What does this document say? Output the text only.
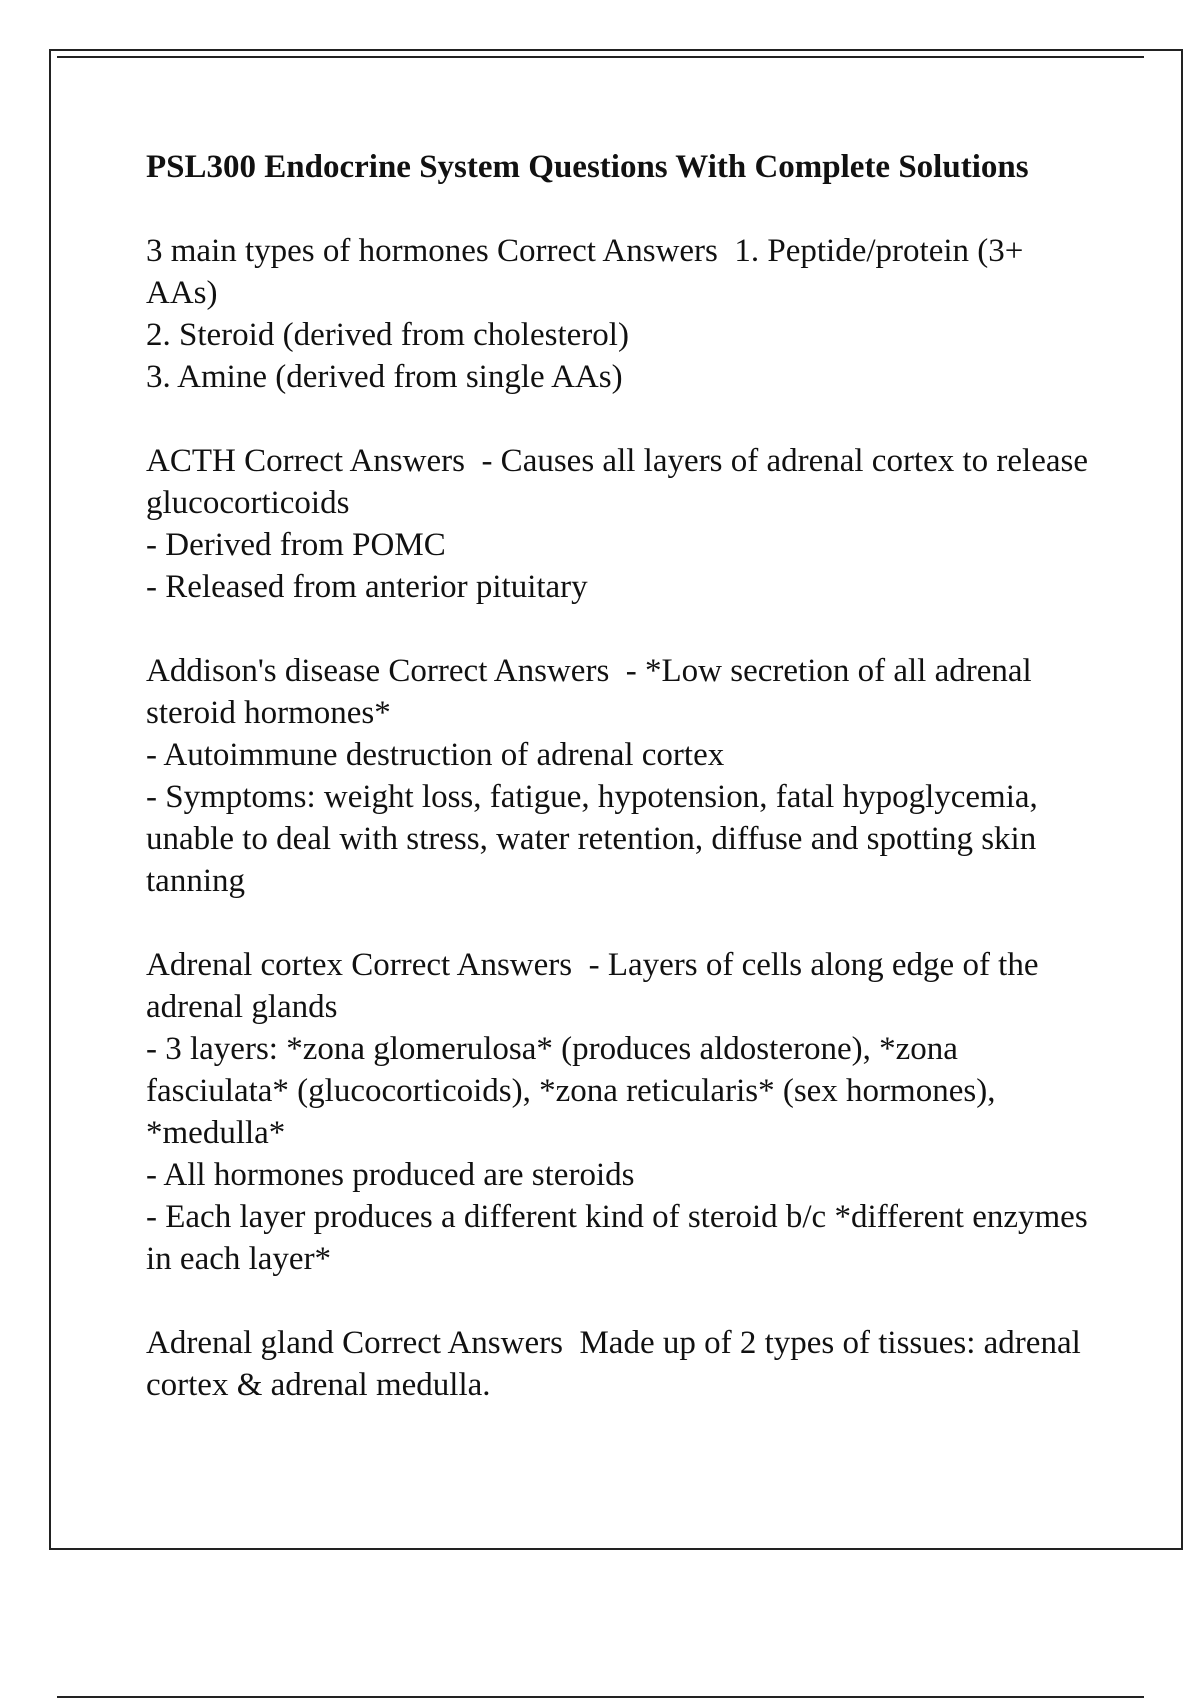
PSL300 Endocrine System Questions With Complete Solutions
3 main types of hormones Correct Answers  1. Peptide/protein (3+ AAs)
2. Steroid (derived from cholesterol)
3. Amine (derived from single AAs)
ACTH Correct Answers  - Causes all layers of adrenal cortex to release glucocorticoids
- Derived from POMC
- Released from anterior pituitary
Addison's disease Correct Answers  - *Low secretion of all adrenal steroid hormones*
- Autoimmune destruction of adrenal cortex
- Symptoms: weight loss, fatigue, hypotension, fatal hypoglycemia, unable to deal with stress, water retention, diffuse and spotting skin tanning
Adrenal cortex Correct Answers  - Layers of cells along edge of the adrenal glands
- 3 layers: *zona glomerulosa* (produces aldosterone), *zona fasciulata* (glucocorticoids), *zona reticularis* (sex hormones), *medulla*
- All hormones produced are steroids
- Each layer produces a different kind of steroid b/c *different enzymes in each layer*
Adrenal gland Correct Answers  Made up of 2 types of tissues: adrenal cortex & adrenal medulla.
